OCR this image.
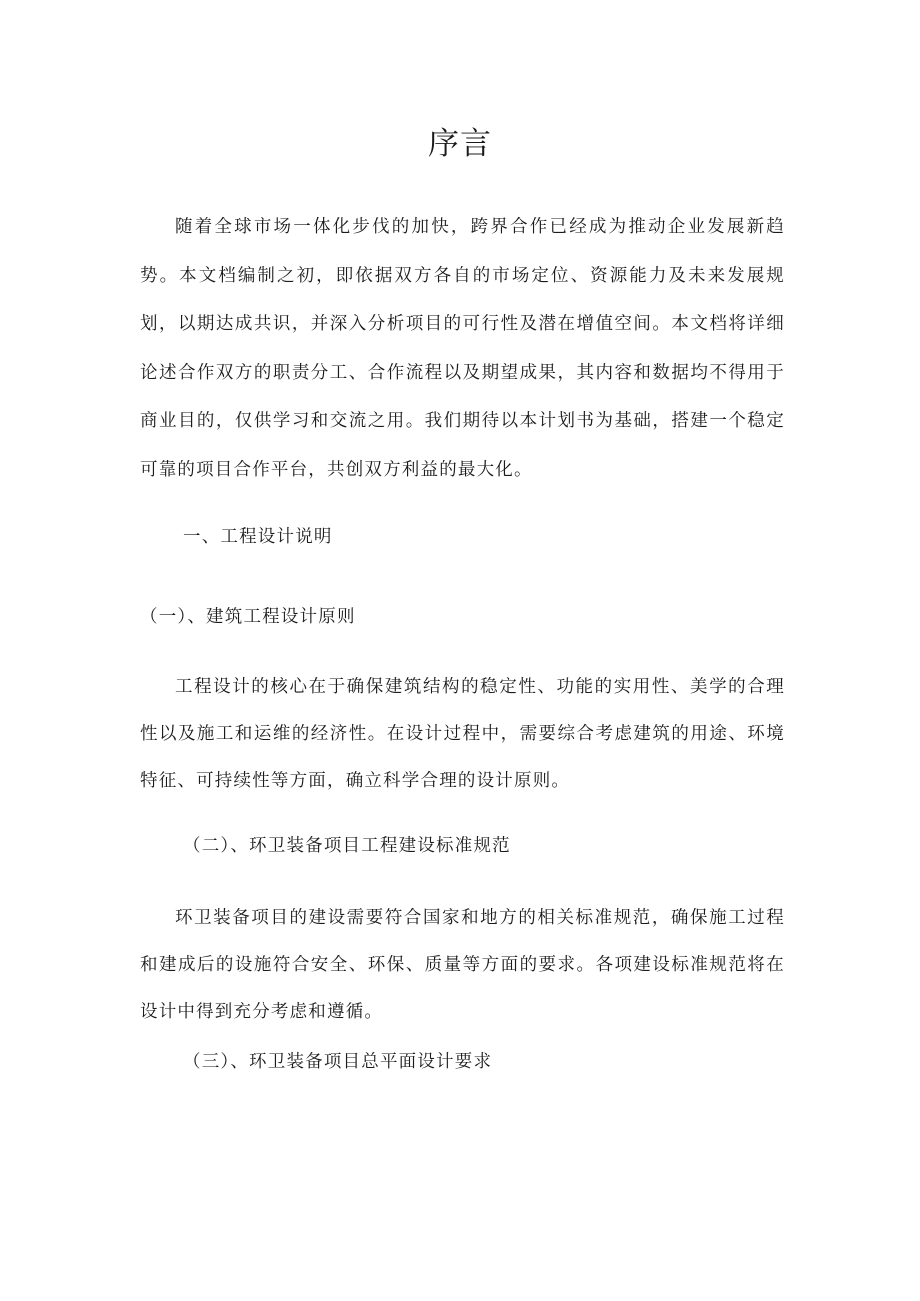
序言

随着全球市场一体化步伐的加快，跨界合作已经成为推动企业发展新趋势。本文档编制之初，即依据双方各自的市场定位、资源能力及未来发展规划，以期达成共识，并深入分析项目的可行性及潜在增值空间。本文档将详细论述合作双方的职责分工、合作流程以及期望成果，其内容和数据均不得用于商业目的，仅供学习和交流之用。我们期待以本计划书为基础，搭建一个稳定可靠的项目合作平台，共创双方利益的最大化。

一、工程设计说明
（一）、建筑工程设计原则

工程设计的核心在于确保建筑结构的稳定性、功能的实用性、美学的合理性以及施工和运维的经济性。在设计过程中，需要综合考虑建筑的用途、环境特征、可持续性等方面，确立科学合理的设计原则。

（二）、环卫装备项目工程建设标准规范

环卫装备项目的建设需要符合国家和地方的相关标准规范，确保施工过程和建成后的设施符合安全、环保、质量等方面的要求。各项建设标准规范将在设计中得到充分考虑和遵循。

（三）、环卫装备项目总平面设计要求
